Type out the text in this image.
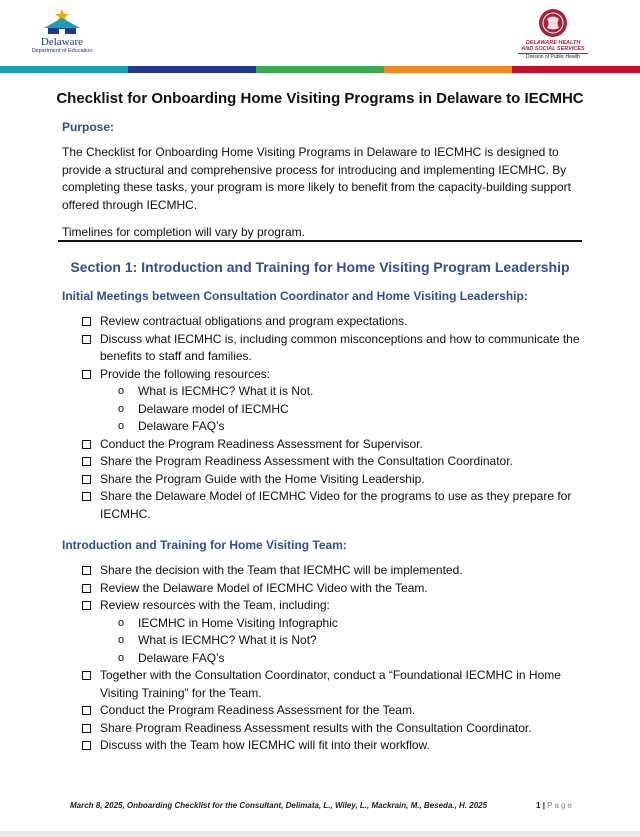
Delaware
Department of Education
DELAWARE HEALTH
AND SOCIAL SERVICES
Division of Public Health
Checklist for Onboarding Home Visiting Programs in Delaware to IECMHC
Purpose:
The Checklist for Onboarding Home Visiting Programs in Delaware to IECMHC is designed to provide a structural and comprehensive process for introducing and implementing IECMHC. By completing these tasks, your program is more likely to benefit from the capacity-building support offered through IECMHC.
Timelines for completion will vary by program.
Section 1: Introduction and Training for Home Visiting Program Leadership
Initial Meetings between Consultation Coordinator and Home Visiting Leadership:
Review contractual obligations and program expectations.
Discuss what IECMHC is, including common misconceptions and how to communicate the benefits to staff and families.
Provide the following resources:
o What is IECMHC? What it is Not.
o Delaware model of IECMHC
o Delaware FAQ’s
Conduct the Program Readiness Assessment for Supervisor.
Share the Program Readiness Assessment with the Consultation Coordinator.
Share the Program Guide with the Home Visiting Leadership.
Share the Delaware Model of IECMHC Video for the programs to use as they prepare for IECMHC.
Introduction and Training for Home Visiting Team:
Share the decision with the Team that IECMHC will be implemented.
Review the Delaware Model of IECMHC Video with the Team.
Review resources with the Team, including:
o IECMHC in Home Visiting Infographic
o What is IECMHC? What it is Not?
o Delaware FAQ’s
Together with the Consultation Coordinator, conduct a “Foundational IECMHC in Home Visiting Training” for the Team.
Conduct the Program Readiness Assessment for the Team.
Share Program Readiness Assessment results with the Consultation Coordinator.
Discuss with the Team how IECMHC will fit into their workflow.
March 8, 2025, Onboarding Checklist for the Consultant, Delimata, L., Wiley, L., Mackrain, M., Beseda., H. 2025	1 | Page
